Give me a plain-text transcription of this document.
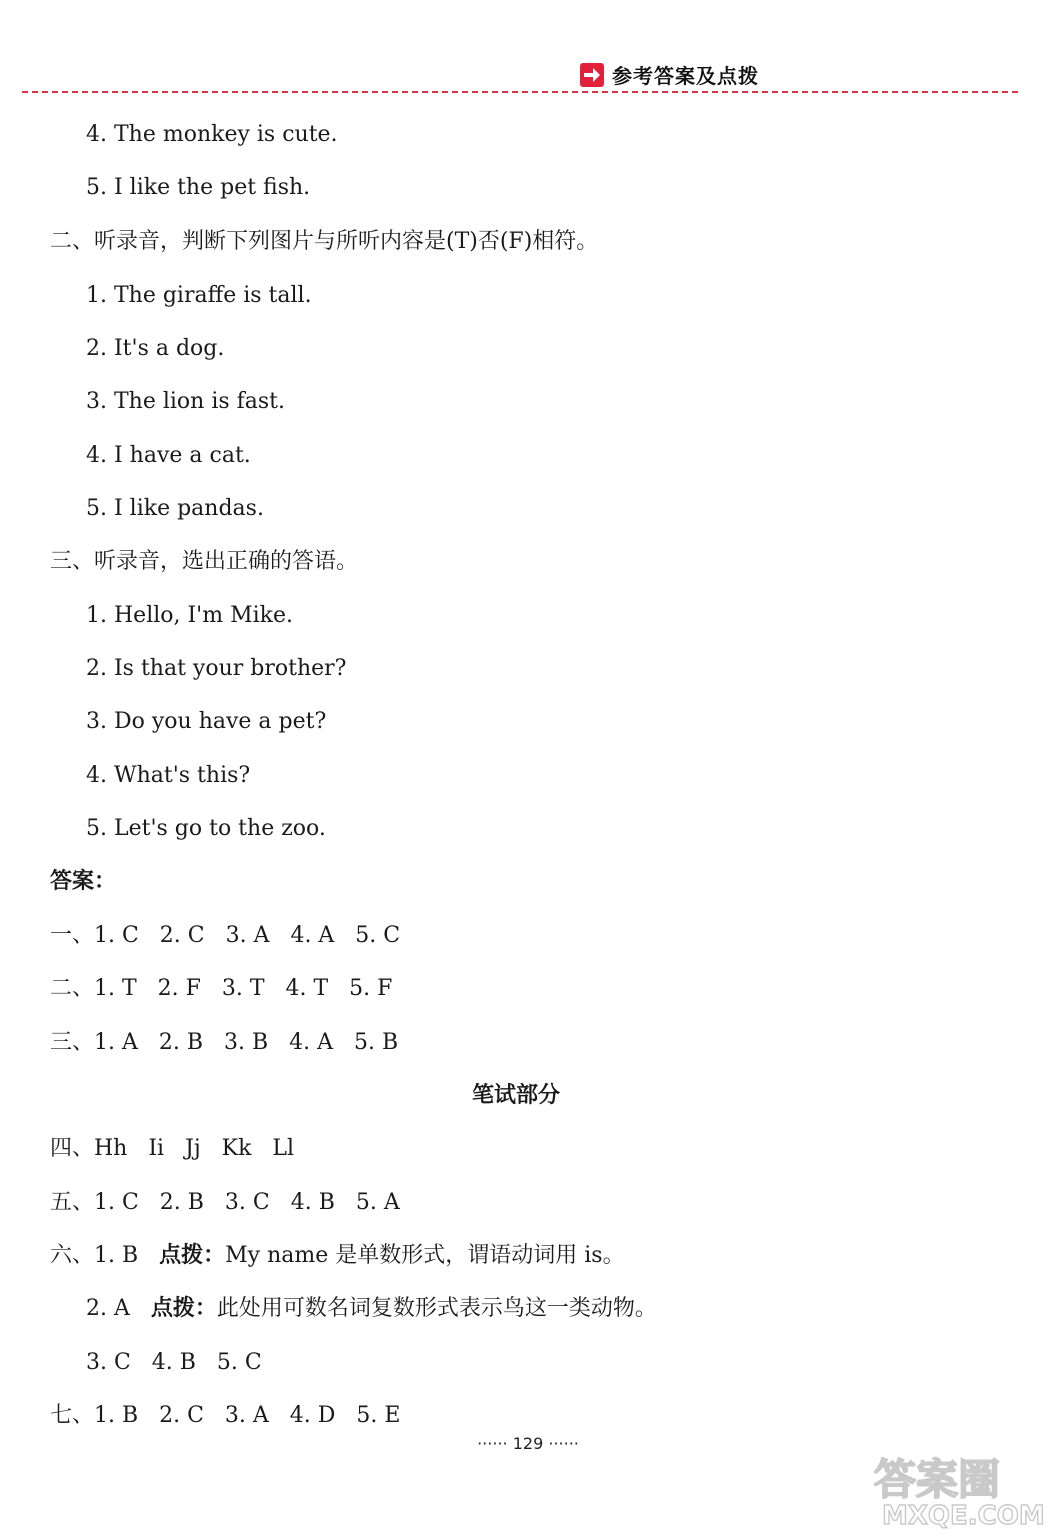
参考答案及点拨
4. The monkey is cute.
5. I like the pet fish.
二、听录音，判断下列图片与所听内容是(T)否(F)相符。
1. The giraffe is tall.
2. It's a dog.
3. The lion is fast.
4. I have a cat.
5. I like pandas.
三、听录音，选出正确的答语。
1. Hello, I'm Mike.
2. Is that your brother?
3. Do you have a pet?
4. What's this?
5. Let's go to the zoo.
答案：
一、1. C   2. C   3. A   4. A   5. C
二、1. T   2. F   3. T   4. T   5. F
三、1. A   2. B   3. B   4. A   5. B
笔试部分
四、Hh   Ii   Jj   Kk   Ll
五、1. C   2. B   3. C   4. B   5. A
六、1. B   点拨：My name 是单数形式，谓语动词用 is。
2. A   点拨：此处用可数名词复数形式表示鸟这一类动物。
3. C   4. B   5. C
七、1. B   2. C   3. A   4. D   5. E
······ 129 ······
答案圈
MXQE.COM
